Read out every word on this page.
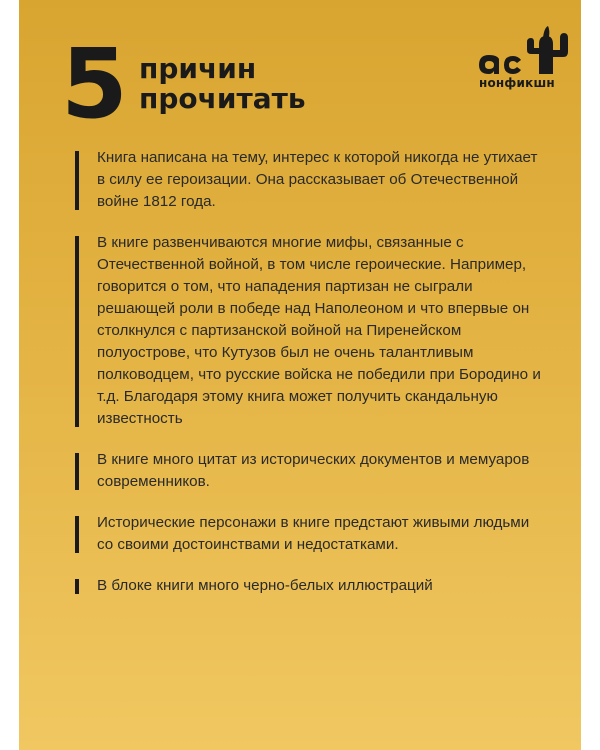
5 причин
прочитать	нонфикшн
Книга написана на тему, интерес к которой никогда не утихает в силу ее героизации. Она рассказывает об Отечественной войне 1812 года.
В книге развенчиваются многие мифы, связанные с Отечественной войной, в том числе героические. Например, говорится о том, что нападения партизан не сыграли решающей роли в победе над Наполеоном и что впервые он столкнулся с партизанской войной на Пиренейском полуострове, что Кутузов был не очень талантливым полководцем, что русские войска не победили при Бородино и т.д. Благодаря этому книга может получить скандальную известность
В книге много цитат из исторических документов и мемуаров современников.
Исторические персонажи в книге предстают живыми людьми со своими достоинствами и недостатками.
В блоке книги много черно-белых иллюстраций
